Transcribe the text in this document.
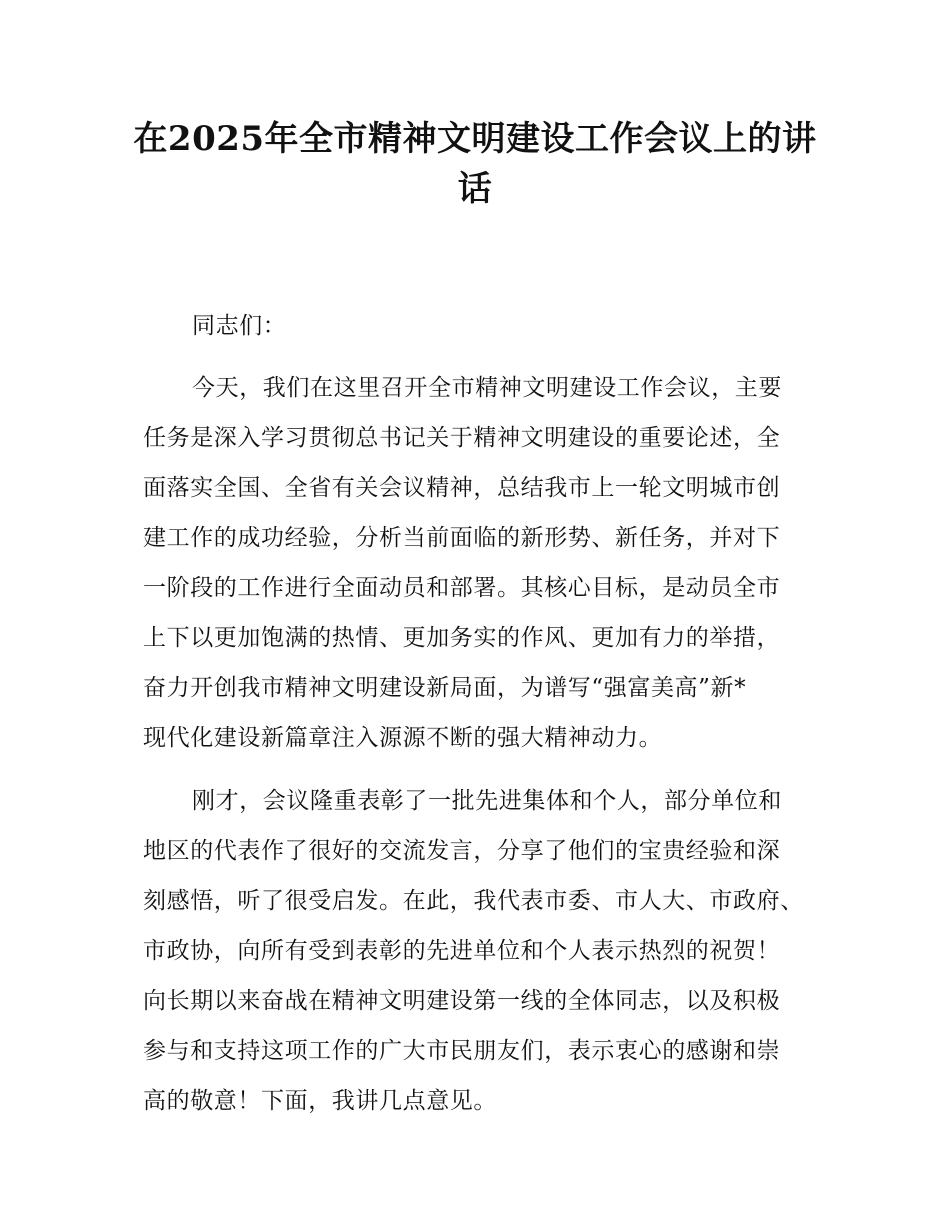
在2025年全市精神文明建设工作会议上的讲
话

同志们：

今天，我们在这里召开全市精神文明建设工作会议，主要

任务是深入学习贯彻总书记关于精神文明建设的重要论述，全

面落实全国、全省有关会议精神，总结我市上一轮文明城市创

建工作的成功经验，分析当前面临的新形势、新任务，并对下

一阶段的工作进行全面动员和部署。其核心目标，是动员全市

上下以更加饱满的热情、更加务实的作风、更加有力的举措，

奋力开创我市精神文明建设新局面，为谱写“强富美高”新*

现代化建设新篇章注入源源不断的强大精神动力。

刚才，会议隆重表彰了一批先进集体和个人，部分单位和

地区的代表作了很好的交流发言，分享了他们的宝贵经验和深

刻感悟，听了很受启发。在此，我代表市委、市人大、市政府、

市政协，向所有受到表彰的先进单位和个人表示热烈的祝贺！

向长期以来奋战在精神文明建设第一线的全体同志，以及积极

参与和支持这项工作的广大市民朋友们，表示衷心的感谢和崇

高的敬意！下面，我讲几点意见。
